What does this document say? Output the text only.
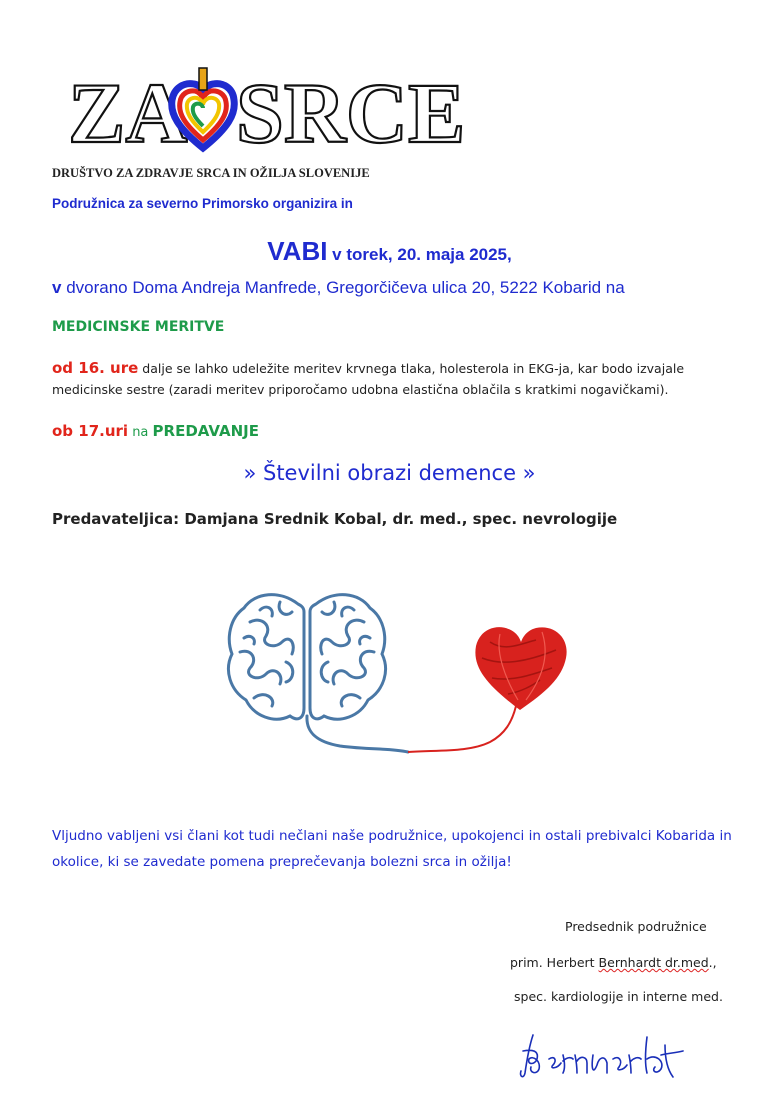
ZA SRCE
DRUŠTVO ZA ZDRAVJE SRCA IN OŽILJA SLOVENIJE
Podružnica za severno Primorsko organizira in
VABI v torek, 20. maja 2025,
v dvorano Doma Andreja Manfrede, Gregorčičeva ulica 20, 5222 Kobarid na
MEDICINSKE MERITVE
od 16. ure dalje se lahko udeležite meritev krvnega tlaka, holesterola in EKG-ja, kar bodo izvajale medicinske sestre (zaradi meritev priporočamo udobna elastična oblačila s kratkimi nogavičkami).
ob 17.uri na PREDAVANJE
» Številni obrazi demence »
Predavateljica: Damjana Srednik Kobal, dr. med., spec. nevrologije
Vljudno vabljeni vsi člani kot tudi nečlani naše podružnice, upokojenci in ostali prebivalci Kobarida in okolice, ki se zavedate pomena preprečevanja bolezni srca in ožilja!
Predsednik podružnice
prim. Herbert Bernhardt dr.med.,
spec. kardiologije in interne med.
